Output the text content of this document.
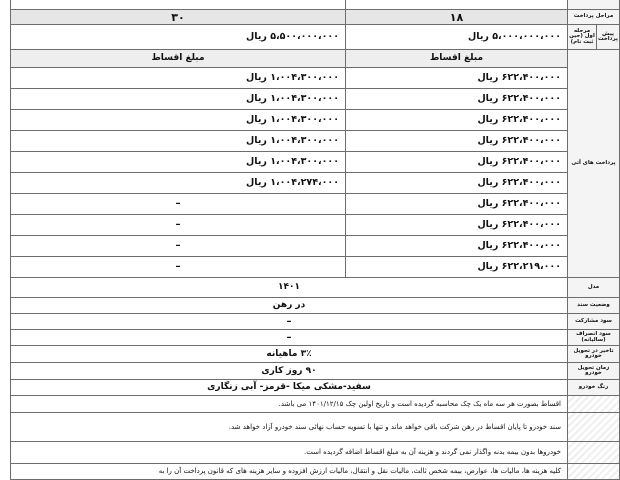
مراحل پرداخت	۱۸	۳۰

پیش پرداخت	مرحله اول (حین ثبت نام)
	۵،۰۰۰،۰۰۰،۰۰۰ ریال	۵،۵۰۰،۰۰۰،۰۰۰ ریال
پرداخت های آتی	مبلغ اقساط	مبلغ اقساط
۶۲۲،۴۰۰،۰۰۰ ریال	۱،۰۰۴،۳۰۰،۰۰۰ ریال
۶۲۲،۴۰۰،۰۰۰ ریال	۱،۰۰۴،۳۰۰،۰۰۰ ریال
۶۲۲،۴۰۰،۰۰۰ ریال	۱،۰۰۴،۳۰۰،۰۰۰ ریال
۶۲۲،۴۰۰،۰۰۰ ریال	۱،۰۰۴،۳۰۰،۰۰۰ ریال
۶۲۲،۴۰۰،۰۰۰ ریال	۱،۰۰۴،۳۰۰،۰۰۰ ریال
۶۲۲،۴۰۰،۰۰۰ ریال	۱،۰۰۴،۲۷۴،۰۰۰ ریال
۶۲۲،۴۰۰،۰۰۰ ریال	–
۶۲۲،۴۰۰،۰۰۰ ریال	–
۶۲۲،۴۰۰،۰۰۰ ریال	–
۶۲۲،۲۱۹،۰۰۰ ریال	–
مدل	۱۴۰۱
وضعیت سند	در رهن
سود مشارکت	–
سود انصراف (سالیانه)	–
تاخیر در تحویل خودرو	۳٪ ماهیانه
زمان تحویل خودرو	۹۰ روز کاری
رنگ خودرو	سفید-مشکی میکا -قرمز- آبی زنگاری
	اقساط بصورت هر سه ماه یک چک محاسبه گردیده است و تاریخ اولین چک ۱۴۰۱/۱۲/۱۵ می باشد.
	سند خودرو تا پایان اقساط در رهن شرکت باقی خواهد ماند و تنها با تسویه حساب نهائی سند خودرو آزاد خواهد شد.
	خودروها بدون بیمه بدنه واگذار نمی گردند و هزینه آن به مبلغ اقساط اضافه گردیده است.
	کلیه هزینه ها، مالیات ها، عوارض، بیمه شخص ثالث، مالیات نقل و انتقال، مالیات ارزش افزوده و سایر هزینه های که قانون پرداخت آن را به
